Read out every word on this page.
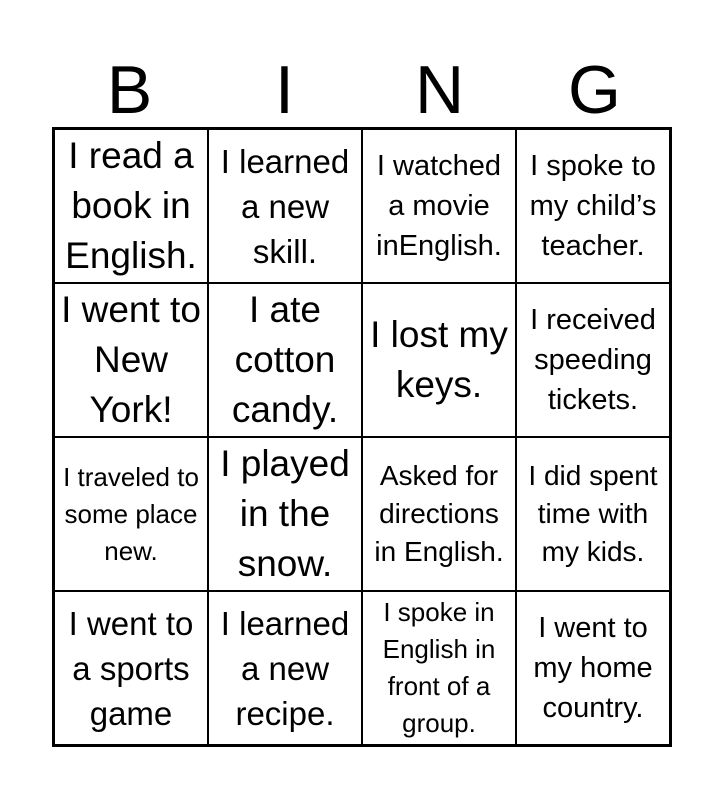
B	I	N	G
I read a book in English.
I learned a new skill.
I watched a movie inEnglish.
I spoke to my child’s teacher.
I went to New York!
I ate cotton candy.
I lost my keys.
I received speeding tickets.
I traveled to some place new.
I played in the snow.
Asked for directions in English.
I did spent time with my kids.
I went to a sports game
I learned a new recipe.
I spoke in English in front of a group.
I went to my home country.
